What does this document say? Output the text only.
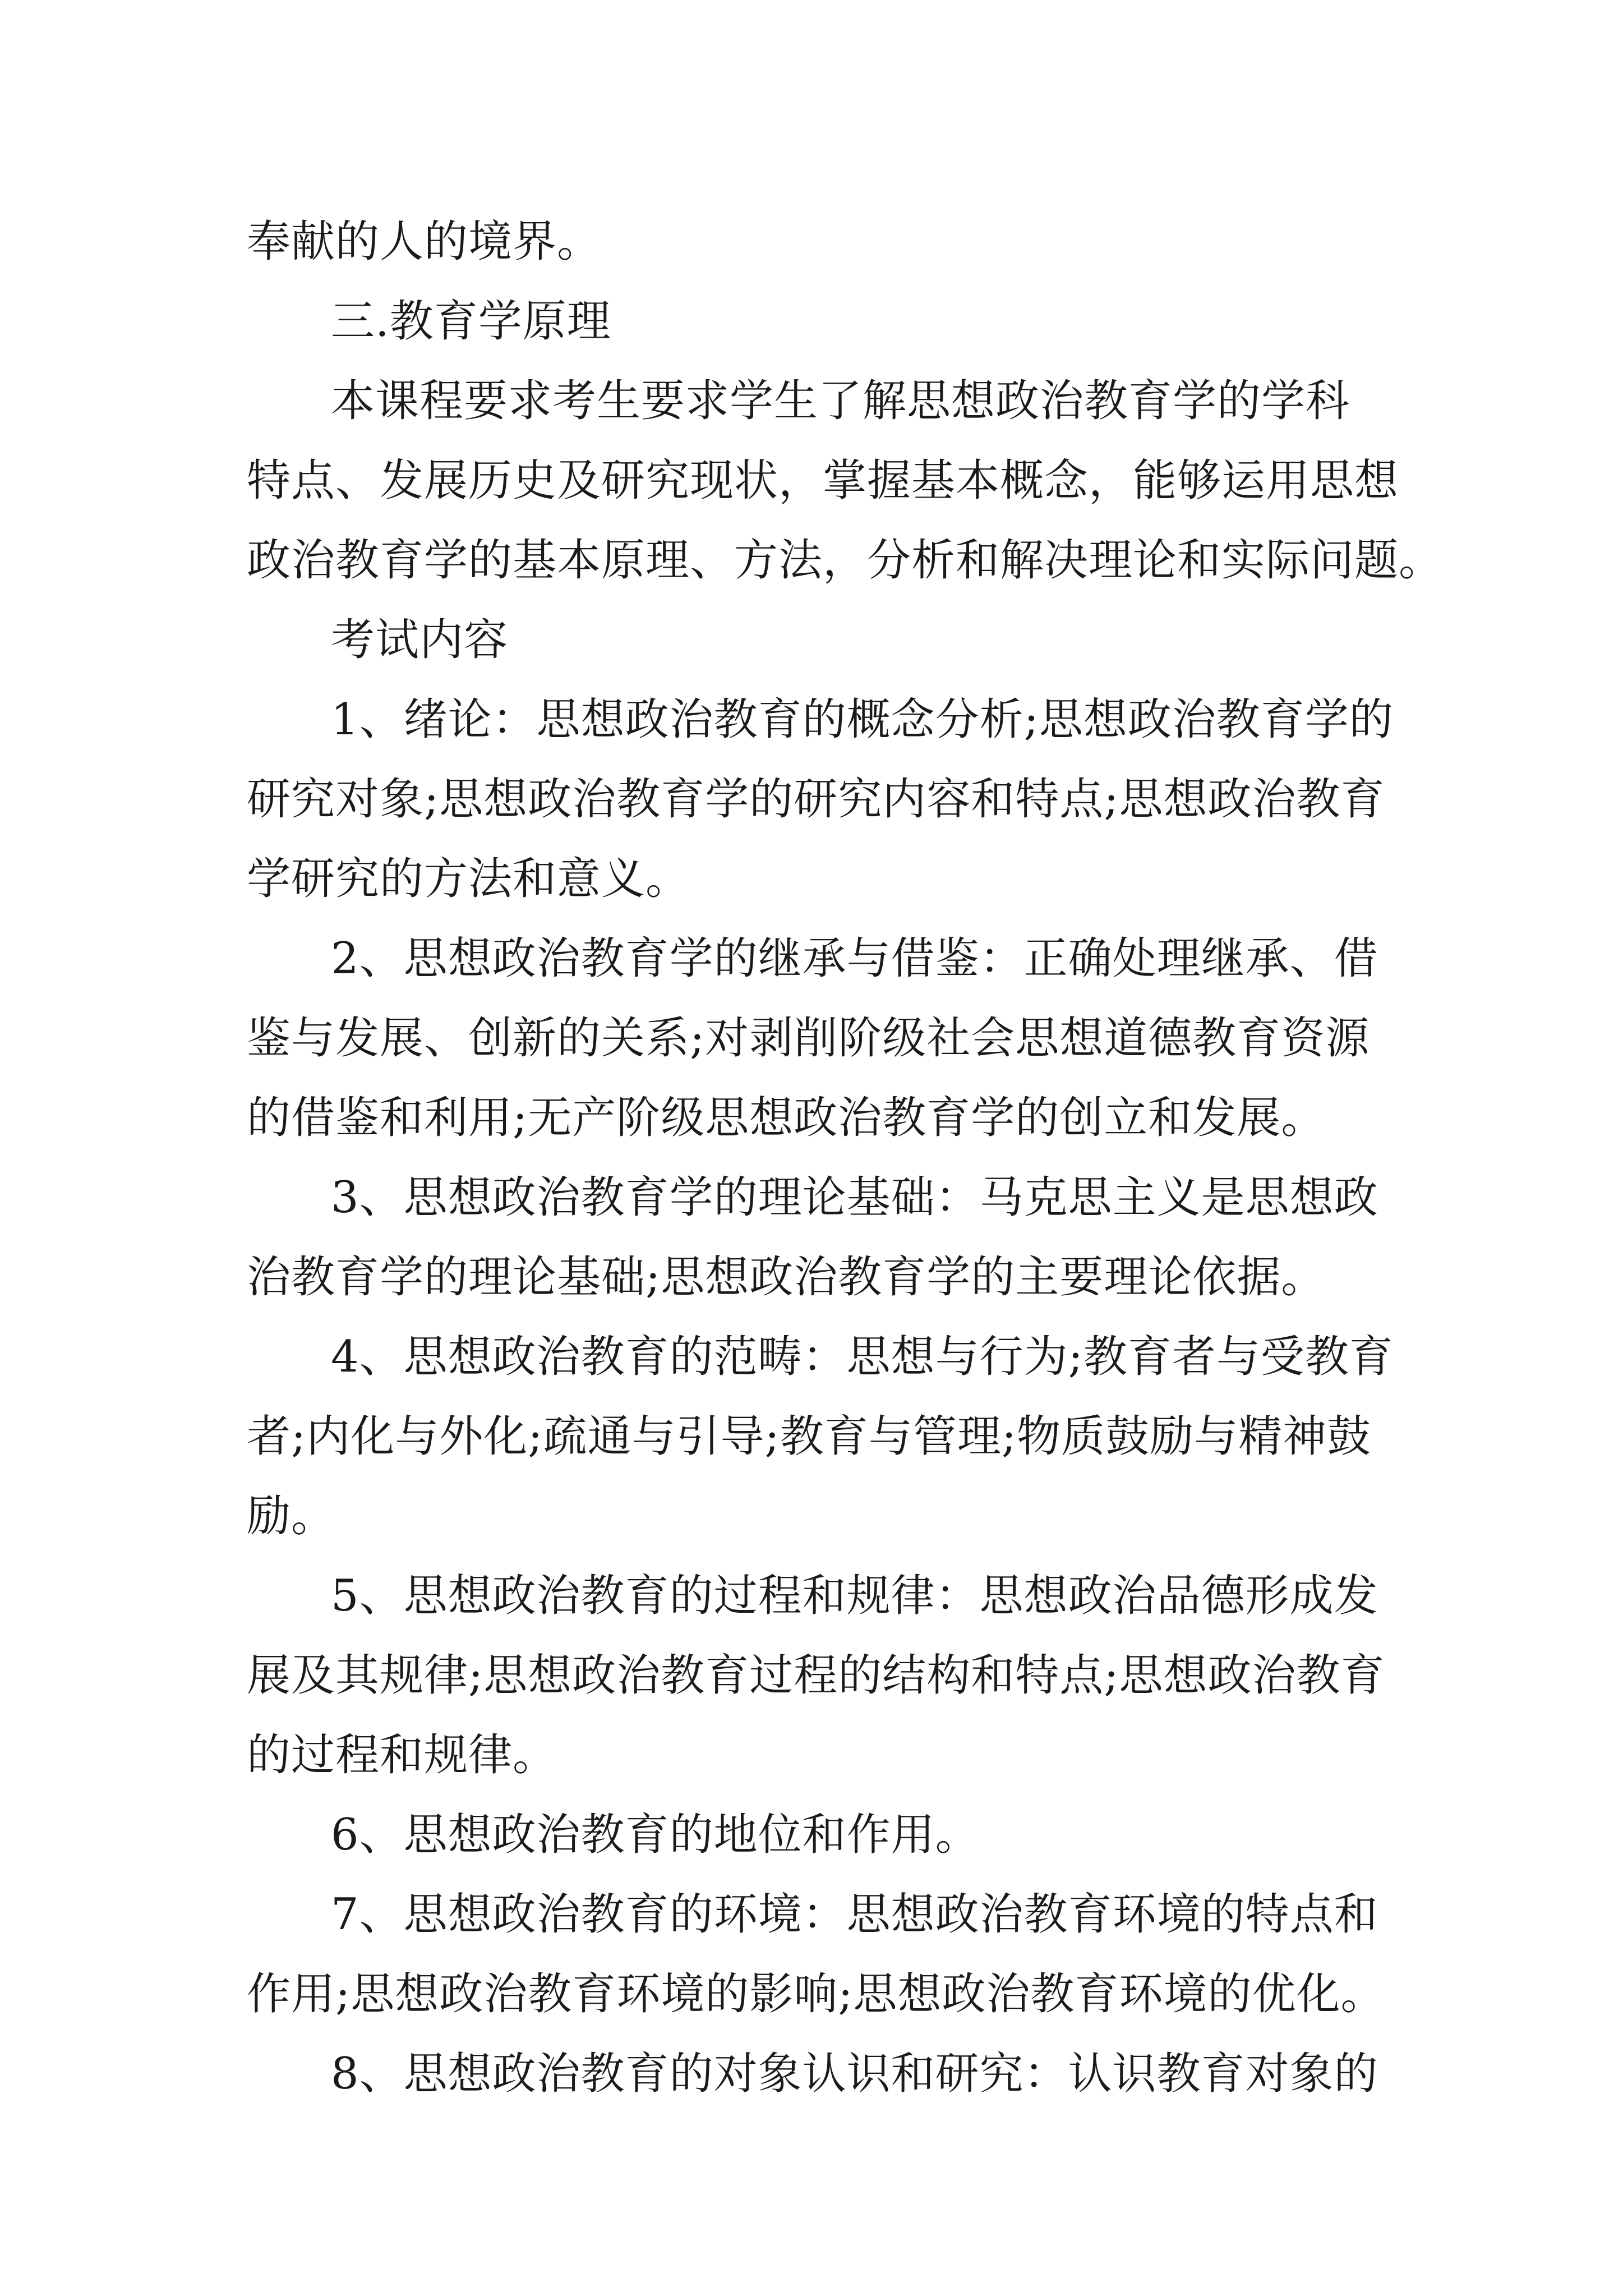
奉献的人的境界。
三.教育学原理
本课程要求考生要求学生了解思想政治教育学的学科
特点、发展历史及研究现状，掌握基本概念，能够运用思想
政治教育学的基本原理、方法，分析和解决理论和实际问题。
考试内容
1、绪论：思想政治教育的概念分析;思想政治教育学的
研究对象;思想政治教育学的研究内容和特点;思想政治教育
学研究的方法和意义。
2、思想政治教育学的继承与借鉴：正确处理继承、借
鉴与发展、创新的关系;对剥削阶级社会思想道德教育资源
的借鉴和利用;无产阶级思想政治教育学的创立和发展。
3、思想政治教育学的理论基础：马克思主义是思想政
治教育学的理论基础;思想政治教育学的主要理论依据。
4、思想政治教育的范畴：思想与行为;教育者与受教育
者;内化与外化;疏通与引导;教育与管理;物质鼓励与精神鼓
励。
5、思想政治教育的过程和规律：思想政治品德形成发
展及其规律;思想政治教育过程的结构和特点;思想政治教育
的过程和规律。
6、思想政治教育的地位和作用。
7、思想政治教育的环境：思想政治教育环境的特点和
作用;思想政治教育环境的影响;思想政治教育环境的优化。
8、思想政治教育的对象认识和研究：认识教育对象的
